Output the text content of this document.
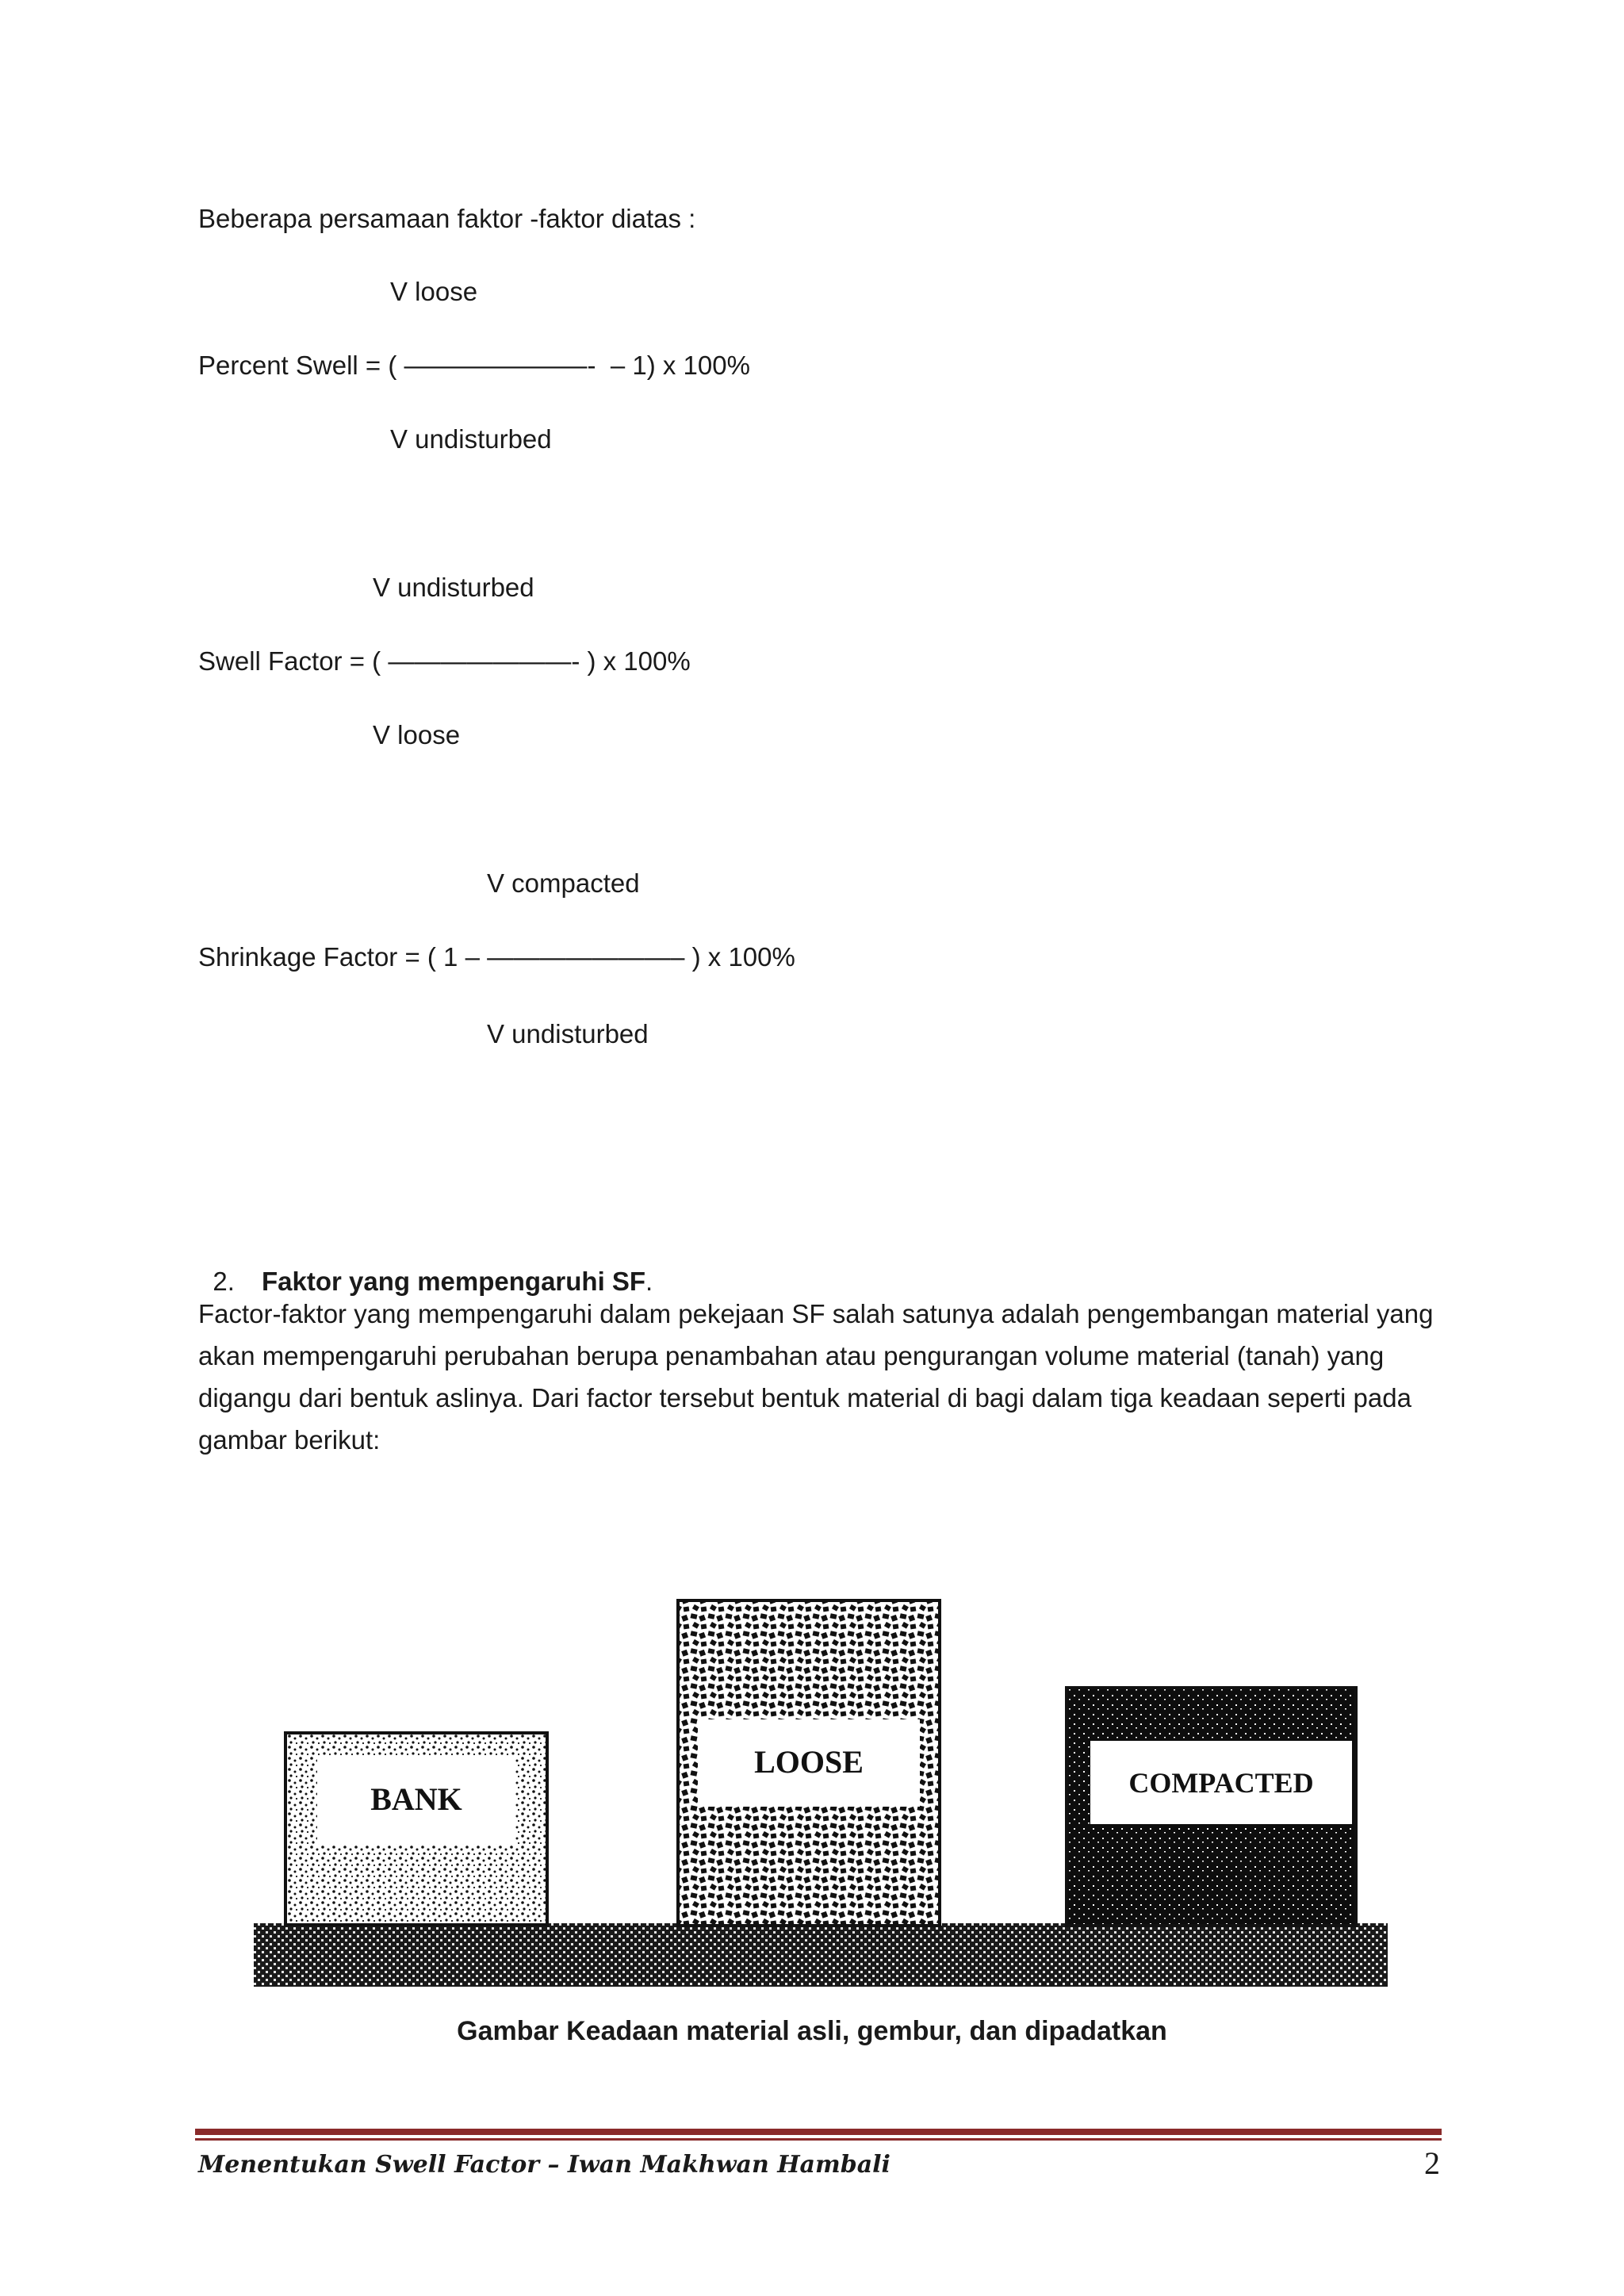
Beberapa persamaan faktor -faktor diatas :
V loose
Percent Swell = ( ———————-  – 1) x 100%
V undisturbed
V undisturbed
Swell Factor = ( ———————- ) x 100%
V loose
V compacted
Shrinkage Factor = ( 1 – ———————– ) x 100%
V undisturbed

2. Faktor yang mempengaruhi SF .

Factor-faktor yang mempengaruhi dalam pekejaan SF salah satunya adalah pengembangan material yang akan mempengaruhi perubahan berupa penambahan atau pengurangan volume material (tanah) yang digangu dari bentuk aslinya. Dari factor tersebut bentuk material di bagi dalam tiga keadaan seperti pada gambar berikut:
BANK
LOOSE
COMPACTED
Gambar Keadaan material asli, gembur, dan dipadatkan
Menentukan Swell Factor – Iwan Makhwan Hambali	2
